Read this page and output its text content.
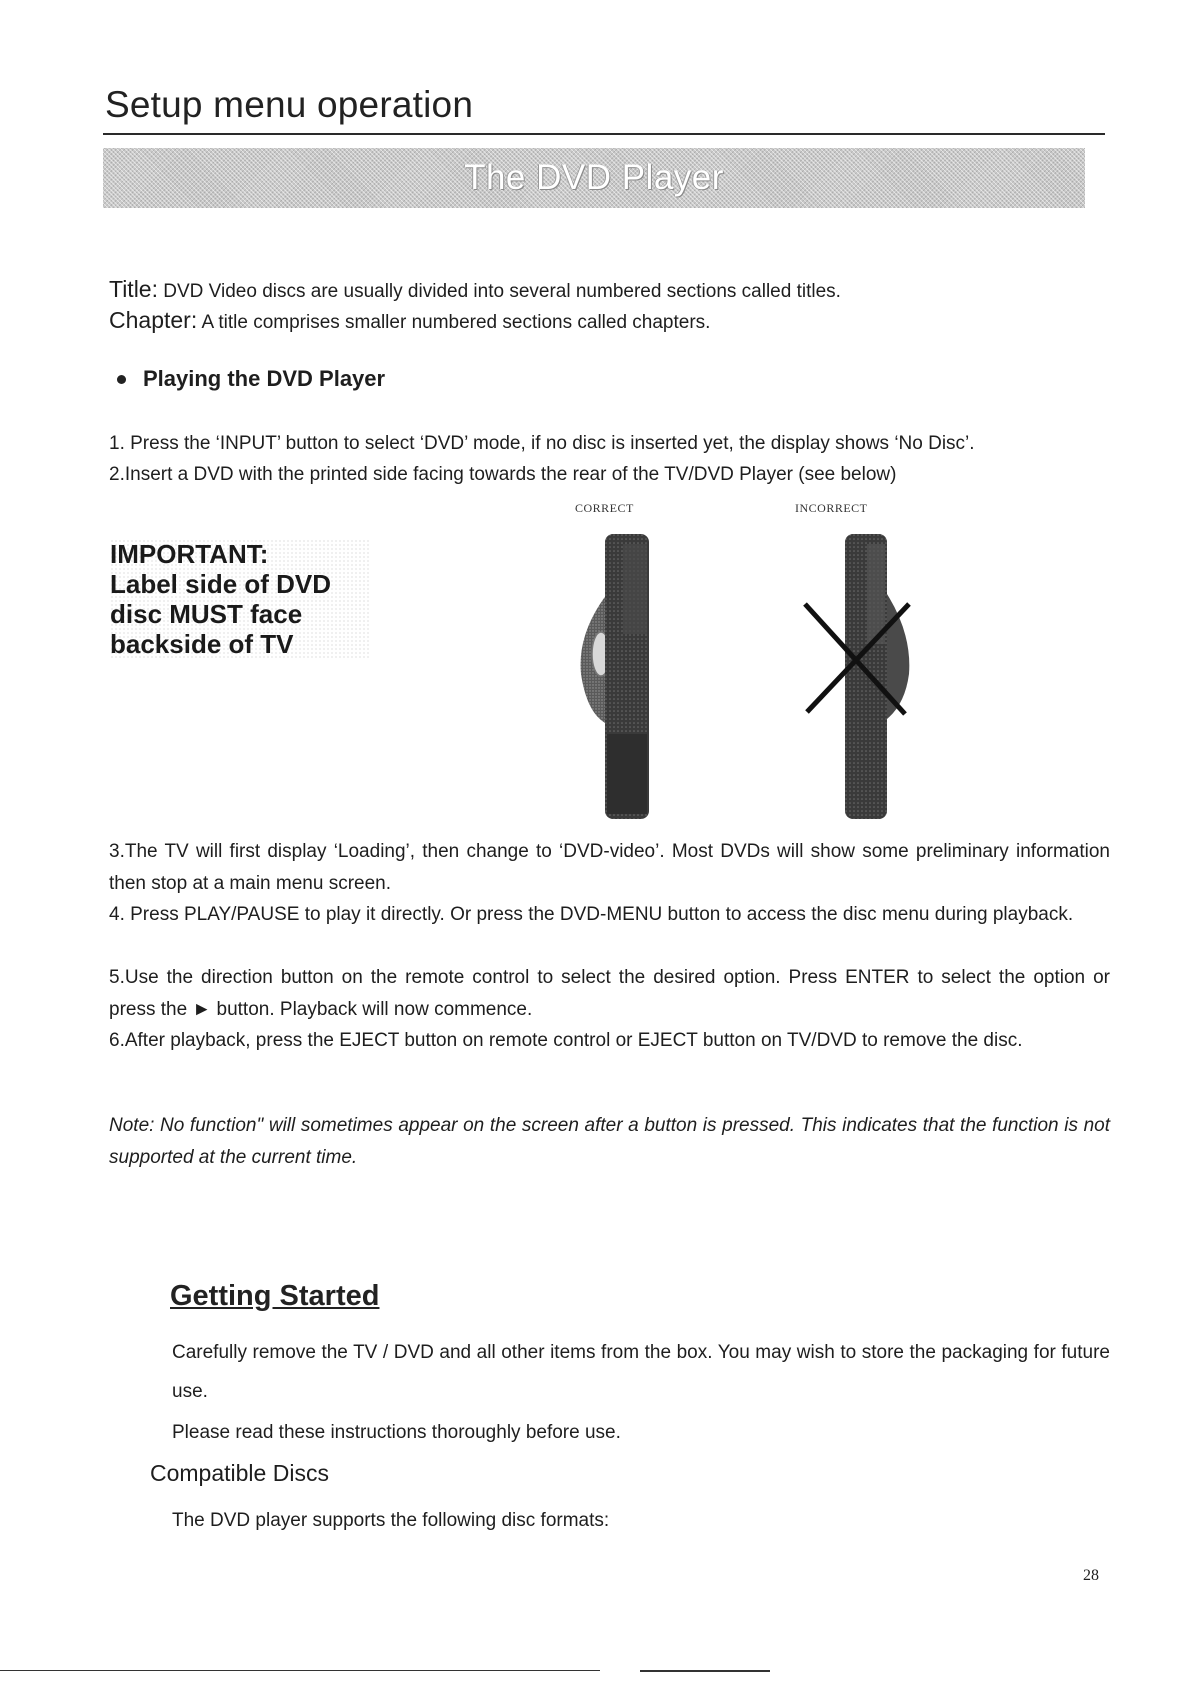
Setup menu operation
The DVD Player
Title: DVD Video discs are usually divided into several numbered sections called titles.
Chapter: A title comprises smaller numbered sections called chapters.
Playing the DVD Player
1. Press the ‘INPUT’ button to select ‘DVD’ mode, if no disc is inserted yet, the display shows ‘No Disc’.
2.Insert a DVD with the printed side facing towards the rear of the TV/DVD Player (see below)
CORRECT	INCORRECT
IMPORTANT:
Label side of DVD
disc MUST face
backside of TV
3.The TV will first display ‘Loading’, then change to ‘DVD-video’. Most DVDs will show some preliminary information then stop at a main menu screen.
4. Press PLAY/PAUSE to play it directly. Or press the DVD-MENU button to access the disc menu during playback.
5.Use the direction button on the remote control to select the desired option. Press ENTER to select the option or press the ► button. Playback will now commence.
6.After playback, press the EJECT button on remote control or EJECT button on TV/DVD to remove the disc.
Note: No function" will sometimes appear on the screen after a button is pressed. This indicates that the function is not supported at the current time.
Getting Started
Carefully remove the TV / DVD and all other items from the box. You may wish to store the packaging for future use.
Please read these instructions thoroughly before use.
Compatible Discs
The DVD player supports the following disc formats:
28
